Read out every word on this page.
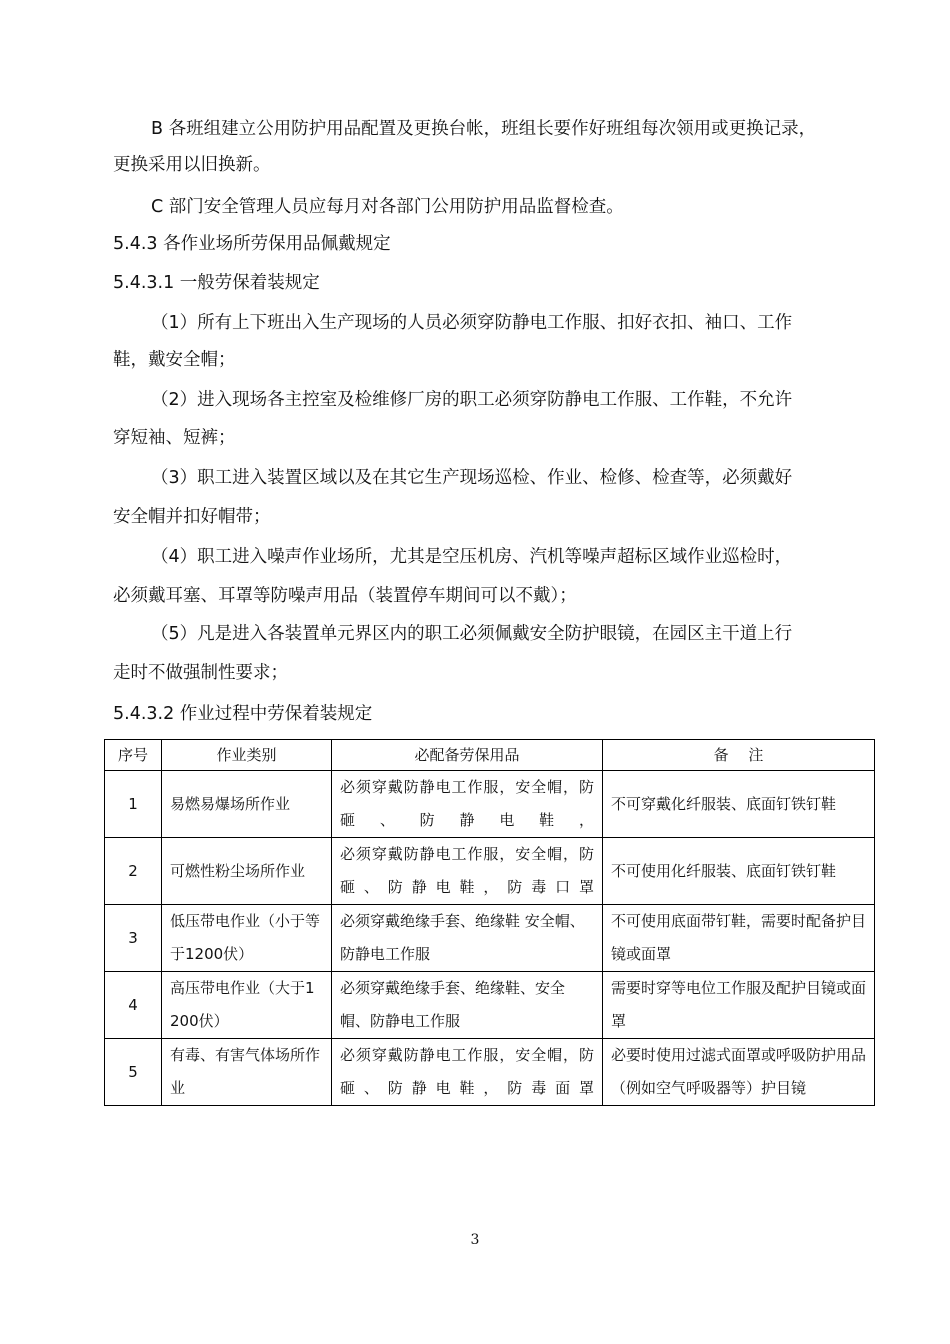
B 各班组建立公用防护用品配置及更换台帐，班组长要作好班组每次领用或更换记录，
更换采用以旧换新。
C 部门安全管理人员应每月对各部门公用防护用品监督检查。
5.4.3 各作业场所劳保用品佩戴规定
5.4.3.1 一般劳保着装规定
（1）所有上下班出入生产现场的人员必须穿防静电工作服、扣好衣扣、袖口、工作
鞋，戴安全帽；
（2）进入现场各主控室及检维修厂房的职工必须穿防静电工作服、工作鞋，不允许
穿短袖、短裤；
（3）职工进入装置区域以及在其它生产现场巡检、作业、检修、检查等，必须戴好
安全帽并扣好帽带；
（4）职工进入噪声作业场所，尤其是空压机房、汽机等噪声超标区域作业巡检时，
必须戴耳塞、耳罩等防噪声用品（装置停车期间可以不戴）；
（5）凡是进入各装置单元界区内的职工必须佩戴安全防护眼镜，在园区主干道上行
走时不做强制性要求；
5.4.3.2 作业过程中劳保着装规定
序号	作业类别	必配备劳保用品	备　 注
1	易燃易爆场所作业	必须穿戴防静电工作服，安全帽，防砸、防静电鞋，	不可穿戴化纤服装、底面钉铁钉鞋

2	可燃性粉尘场所作业	必须穿戴防静电工作服，安全帽，防砸、防静电鞋，防毒口罩	不可使用化纤服装、底面钉铁钉鞋

3	低压带电作业（小于等于1200伏）	必须穿戴绝缘手套、绝缘鞋 安全帽、防静电工作服	不可使用底面带钉鞋，需要时配备护目镜或面罩

4	高压带电作业（大于1200伏）	必须穿戴绝缘手套、绝缘鞋、安全帽、防静电工作服	需要时穿等电位工作服及配护目镜或面罩

5	有毒、有害气体场所作业	必须穿戴防静电工作服，安全帽，防砸、防静电鞋，防毒面罩	必要时使用过滤式面罩或呼吸防护用品（例如空气呼吸器等）护目镜
3
